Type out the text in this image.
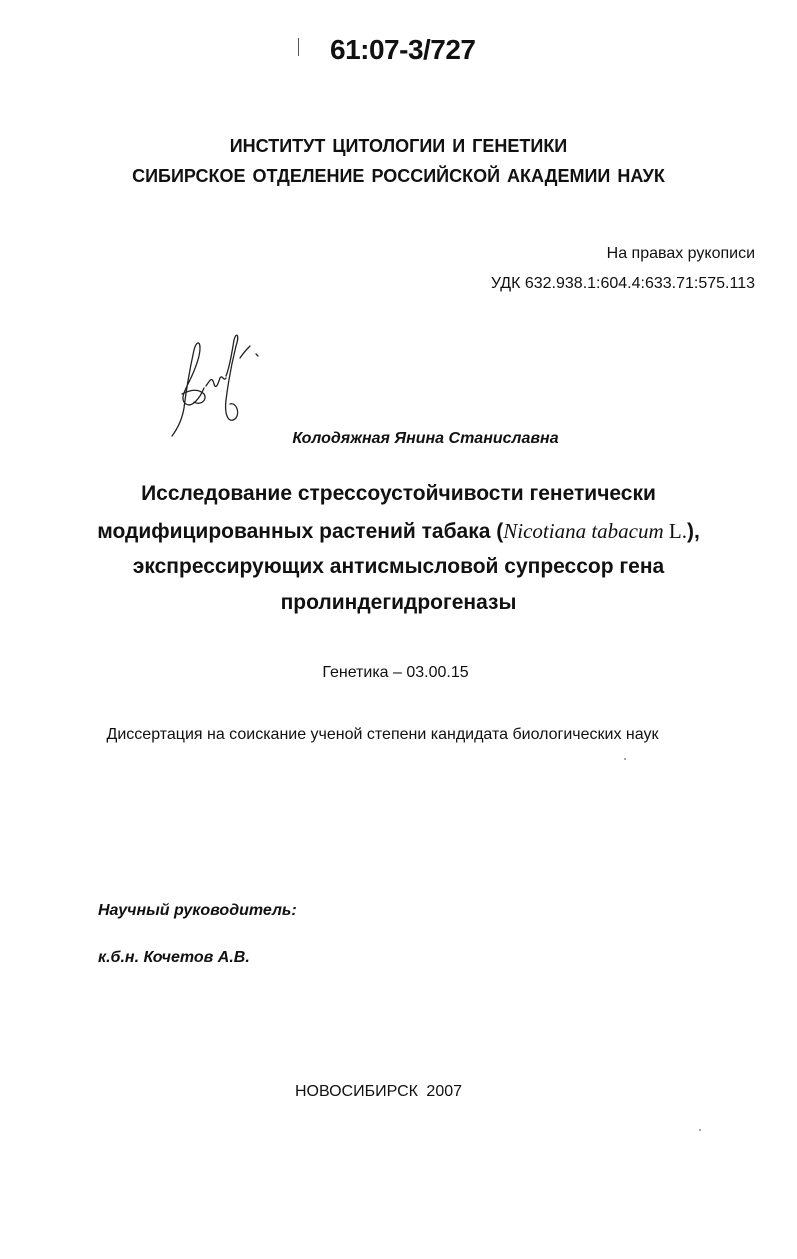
61:07-3/727
ИНСТИТУТ ЦИТОЛОГИИ И ГЕНЕТИКИ
СИБИРСКОЕ ОТДЕЛЕНИЕ РОССИЙСКОЙ АКАДЕМИИ НАУК
На правах рукописи
УДК 632.938.1:604.4:633.71:575.113
Колодяжная Янина Станиславна
Исследование стрессоустойчивости генетически
модифицированных растений табака (Nicotiana tabacum L.),
экспрессирующих антисмысловой супрессор гена
пролиндегидрогеназы
Генетика – 03.00.15
Диссертация на соискание ученой степени кандидата биологических наук
Научный руководитель:
к.б.н. Кочетов А.В.
НОВОСИБИРСК 2007
